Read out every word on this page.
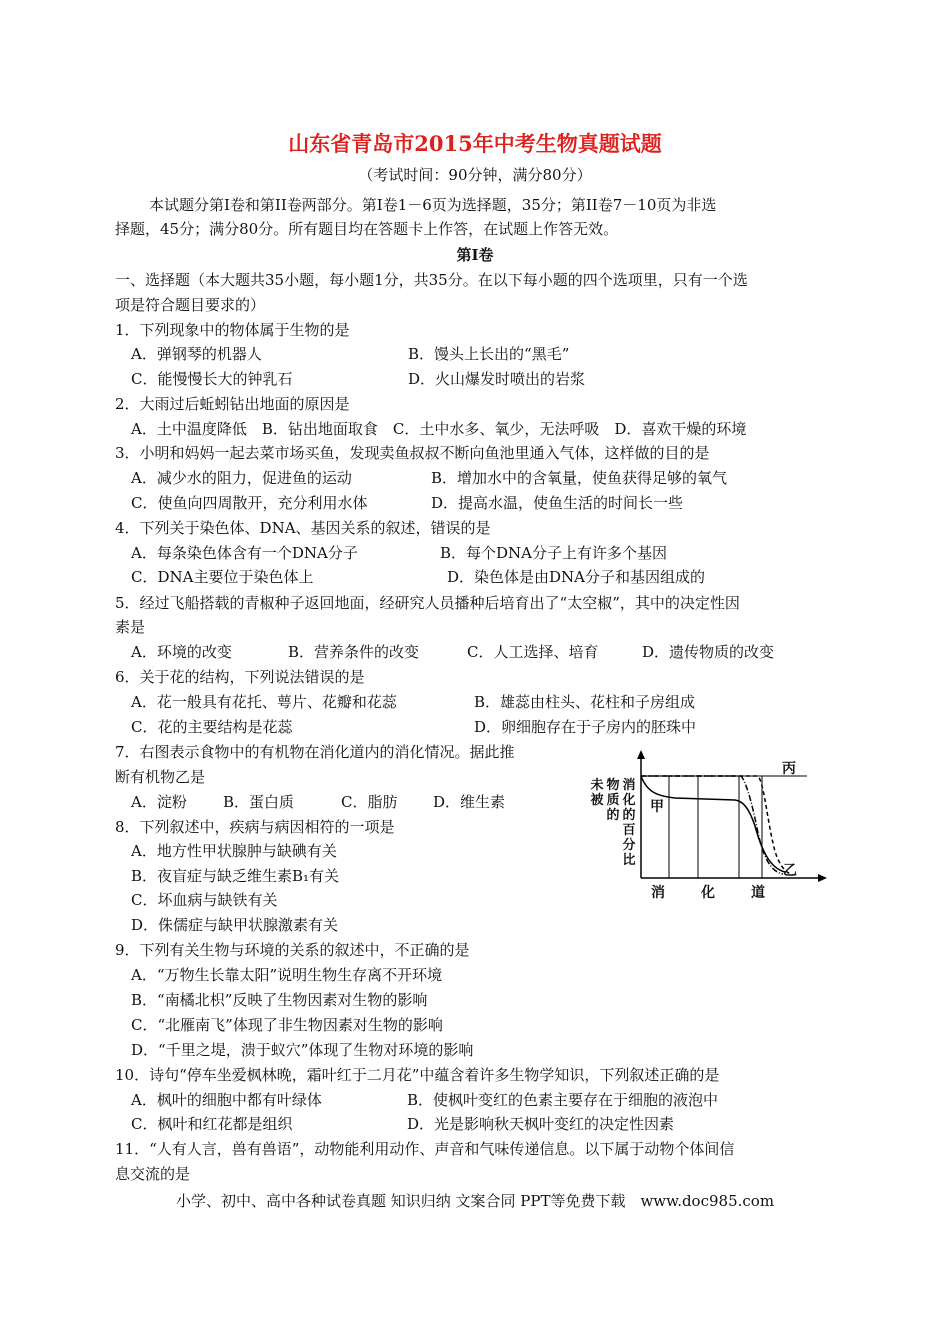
山东省青岛市2015年中考生物真题试题
（考试时间：90分钟，满分80分）
本试题分第I卷和第II卷两部分。第I卷1－6页为选择题，35分；第II卷7－10页为非选
择题，45分；满分80分。所有题目均在答题卡上作答，在试题上作答无效。
第I卷
一、选择题（本大题共35小题，每小题1分，共35分。在以下每小题的四个选项里，只有一个选
项是符合题目要求的）
1．下列现象中的物体属于生物的是
A．弹钢琴的机器人	B．馒头上长出的“黑毛”
C．能慢慢长大的钟乳石	D．火山爆发时喷出的岩浆
2．大雨过后蚯蚓钻出地面的原因是
A．土中温度降低　B．钻出地面取食　C．土中水多、氧少，无法呼吸　D．喜欢干燥的环境
3．小明和妈妈一起去菜市场买鱼，发现卖鱼叔叔不断向鱼池里通入气体，这样做的目的是
A．减少水的阻力，促进鱼的运动	B．增加水中的含氧量，使鱼获得足够的氧气
C．使鱼向四周散开，充分利用水体	D．提高水温，使鱼生活的时间长一些
4．下列关于染色体、DNA、基因关系的叙述，错误的是
A．每条染色体含有一个DNA分子	B．每个DNA分子上有许多个基因
C．DNA主要位于染色体上	D．染色体是由DNA分子和基因组成的
5．经过飞船搭载的青椒种子返回地面，经研究人员播种后培育出了“太空椒”，其中的决定性因
素是
A．环境的改变	B．营养条件的改变	C．人工选择、培育	D．遗传物质的改变
6．关于花的结构，下列说法错误的是
A．花一般具有花托、萼片、花瓣和花蕊	B．雄蕊由柱头、花柱和子房组成
C．花的主要结构是花蕊	D．卵细胞存在于子房内的胚珠中
7．右图表示食物中的有机物在消化道内的消化情况。据此推
断有机物乙是
A．淀粉 B．蛋白质	C．脂肪 D．维生素
8．下列叙述中，疾病与病因相符的一项是
A．地方性甲状腺肿与缺碘有关
B．夜盲症与缺乏维生素B₁有关
C．坏血病与缺铁有关
D．侏儒症与缺甲状腺激素有关
9．下列有关生物与环境的关系的叙述中，不正确的是
A．“万物生长靠太阳”说明生物生存离不开环境
B．“南橘北枳”反映了生物因素对生物的影响
C．“北雁南飞”体现了非生物因素对生物的影响
D．“千里之堤，溃于蚁穴”体现了生物对环境的影响
10．诗句“停车坐爱枫林晚，霜叶红于二月花”中蕴含着许多生物学知识，下列叙述正确的是
A．枫叶的细胞中都有叶绿体	B．使枫叶变红的色素主要存在于细胞的液泡中
C．枫叶和红花都是组织	D．光是影响秋天枫叶变红的决定性因素
11．“人有人言，兽有兽语”，动物能利用动作、声音和气味传递信息。以下属于动物个体间信
息交流的是
小学、初中、高中各种试卷真题 知识归纳 文案合同 PPT等免费下载　www.doc985.com
未
被
物
质
的
消
化
的
百
分
比
甲
乙
丙
消	化	道
